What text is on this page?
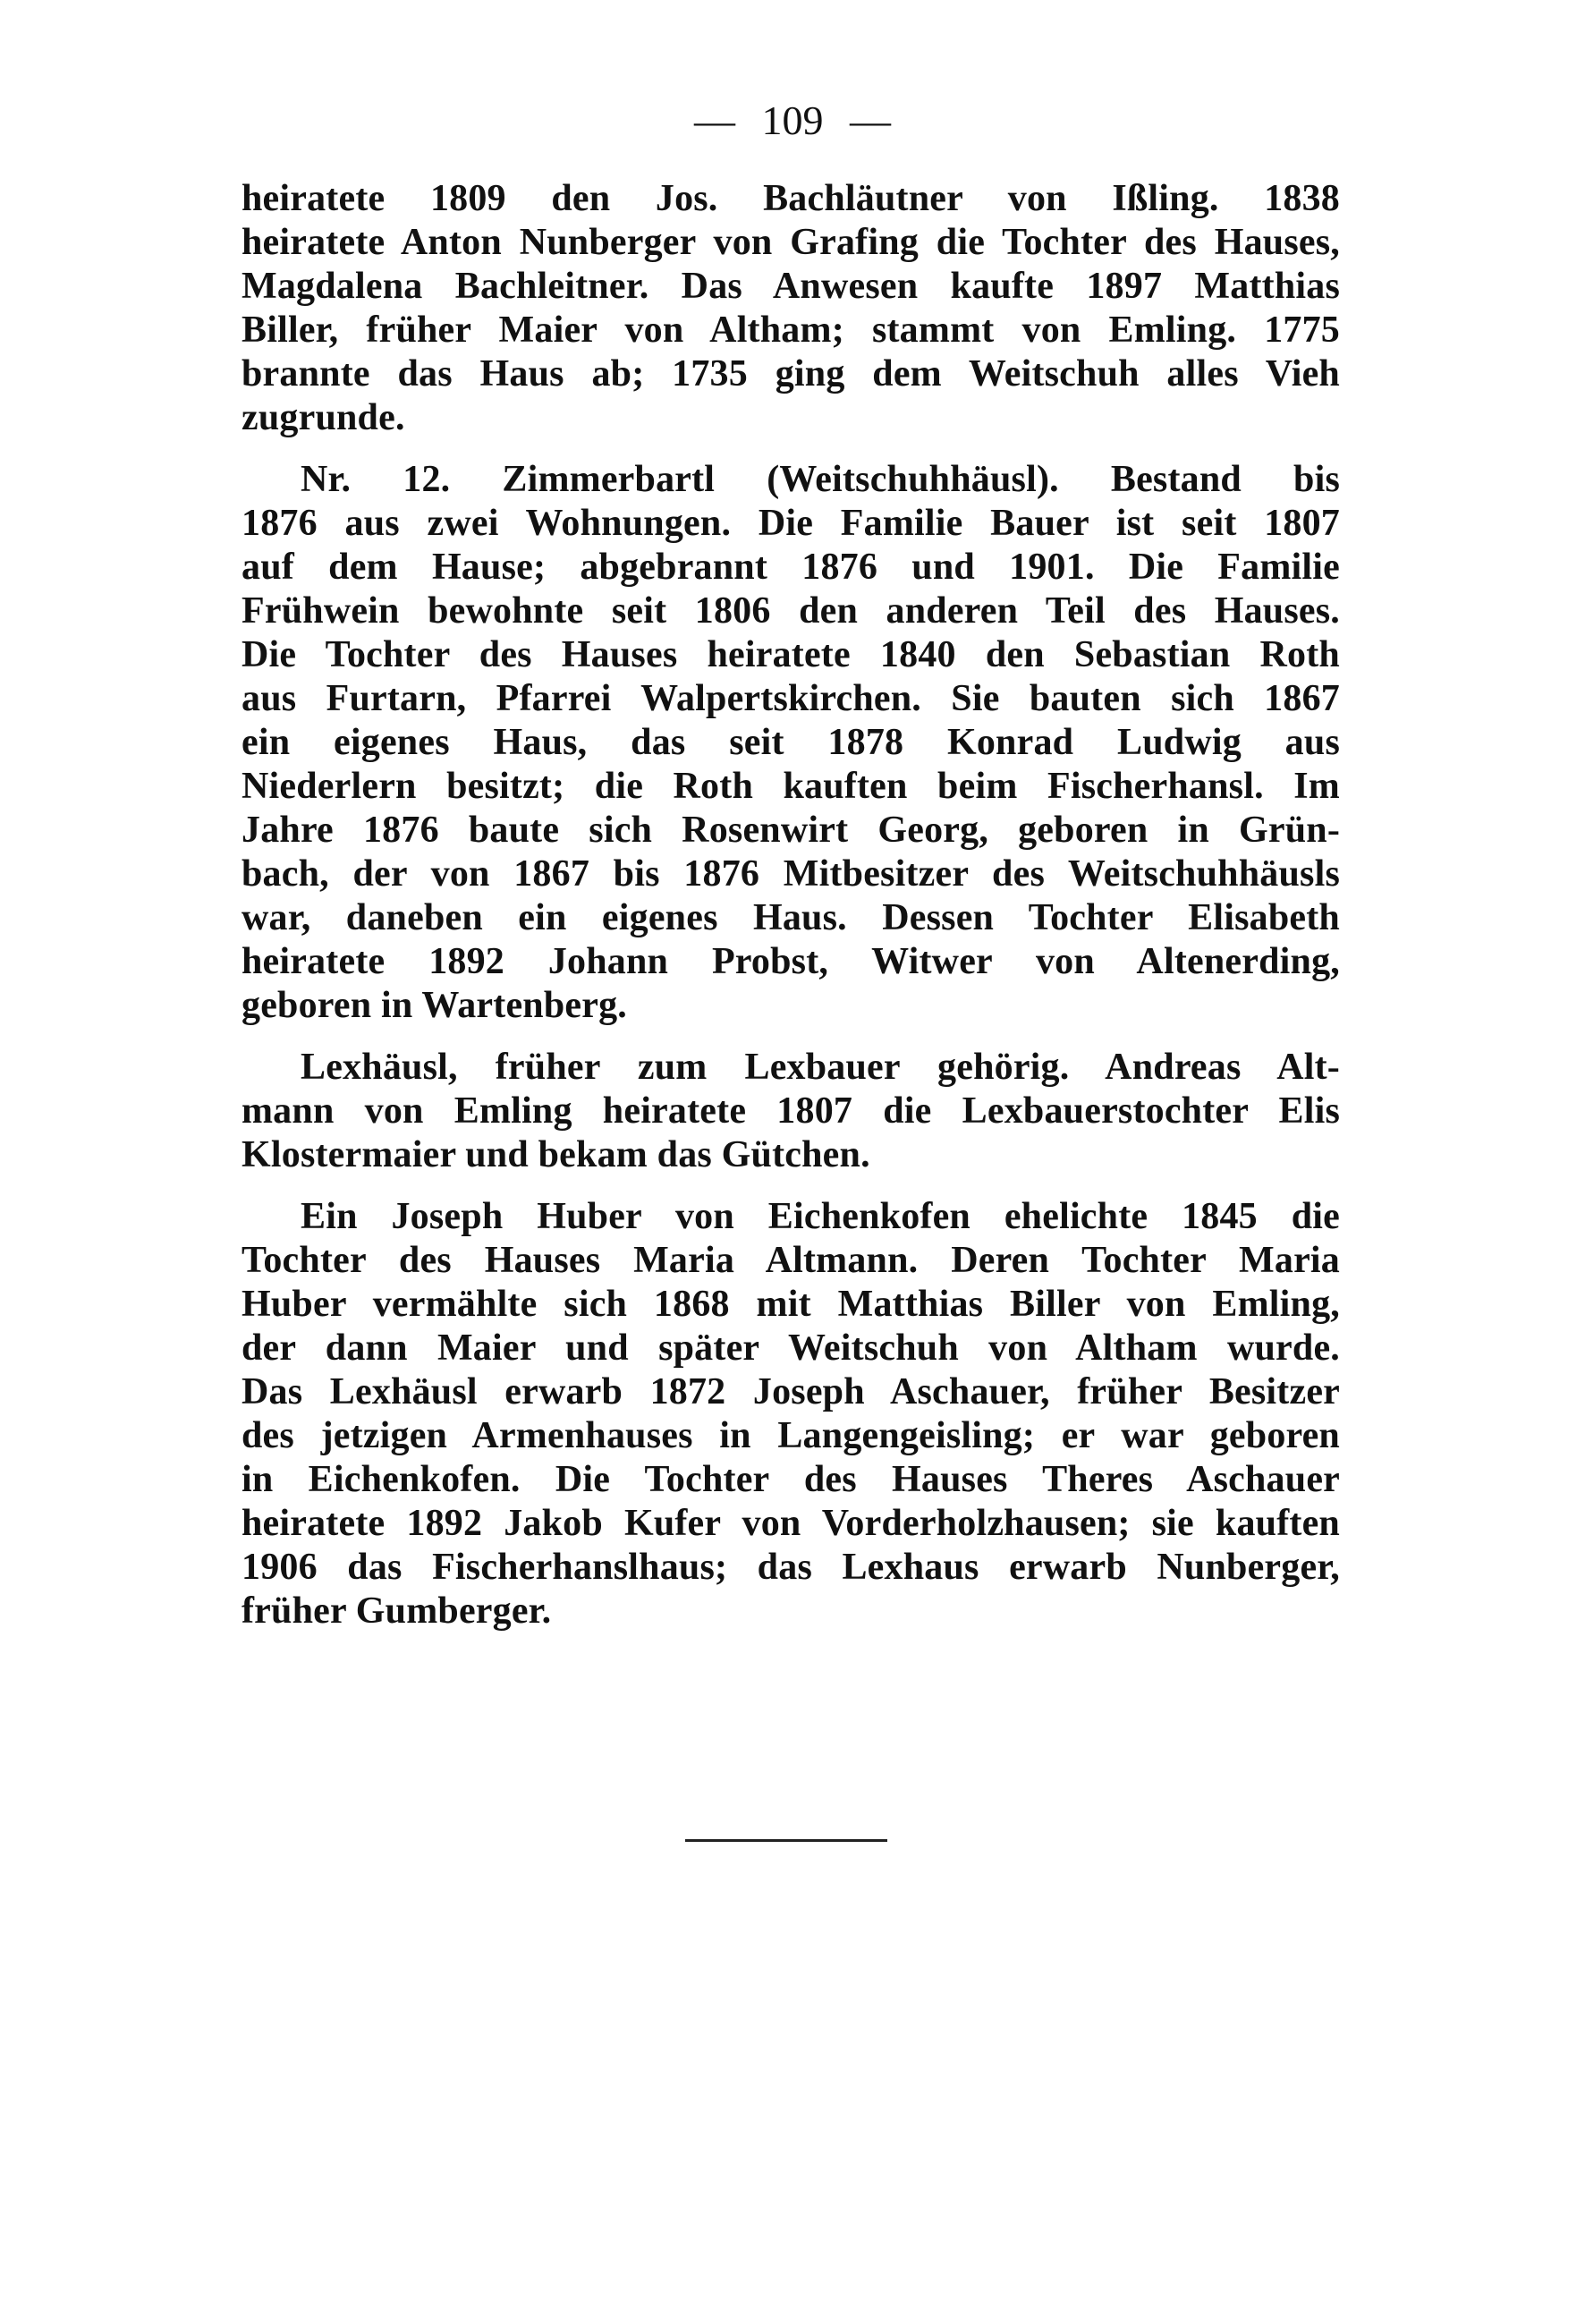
— 109 —
heiratete 1809 den Jos. Bachläutner von Ißling. 1838
heiratete Anton Nunberger von Grafing die Tochter des Hauses,
Magdalena Bachleitner. Das Anwesen kaufte 1897 Matthias
Biller, früher Maier von Altham; stammt von Emling. 1775
brannte das Haus ab; 1735 ging dem Weitschuh alles Vieh
zugrunde.
Nr. 12. Zimmerbartl (Weitschuhhäusl). Bestand bis
1876 aus zwei Wohnungen. Die Familie Bauer ist seit 1807
auf dem Hause; abgebrannt 1876 und 1901. Die Familie
Frühwein bewohnte seit 1806 den anderen Teil des Hauses.
Die Tochter des Hauses heiratete 1840 den Sebastian Roth
aus Furtarn, Pfarrei Walpertskirchen. Sie bauten sich 1867
ein eigenes Haus, das seit 1878 Konrad Ludwig aus
Niederlern besitzt; die Roth kauften beim Fischerhansl. Im
Jahre 1876 baute sich Rosenwirt Georg, geboren in Grün-
bach, der von 1867 bis 1876 Mitbesitzer des Weitschuhhäusls
war, daneben ein eigenes Haus. Dessen Tochter Elisabeth
heiratete 1892 Johann Probst, Witwer von Altenerding,
geboren in Wartenberg.
Lexhäusl, früher zum Lexbauer gehörig. Andreas Alt-
mann von Emling heiratete 1807 die Lexbauerstochter Elis
Klostermaier und bekam das Gütchen.
Ein Joseph Huber von Eichenkofen ehelichte 1845 die
Tochter des Hauses Maria Altmann. Deren Tochter Maria
Huber vermählte sich 1868 mit Matthias Biller von Emling,
der dann Maier und später Weitschuh von Altham wurde.
Das Lexhäusl erwarb 1872 Joseph Aschauer, früher Besitzer
des jetzigen Armenhauses in Langengeisling; er war geboren
in Eichenkofen. Die Tochter des Hauses Theres Aschauer
heiratete 1892 Jakob Kufer von Vorderholzhausen; sie kauften
1906 das Fischerhanslhaus; das Lexhaus erwarb Nunberger,
früher Gumberger.
